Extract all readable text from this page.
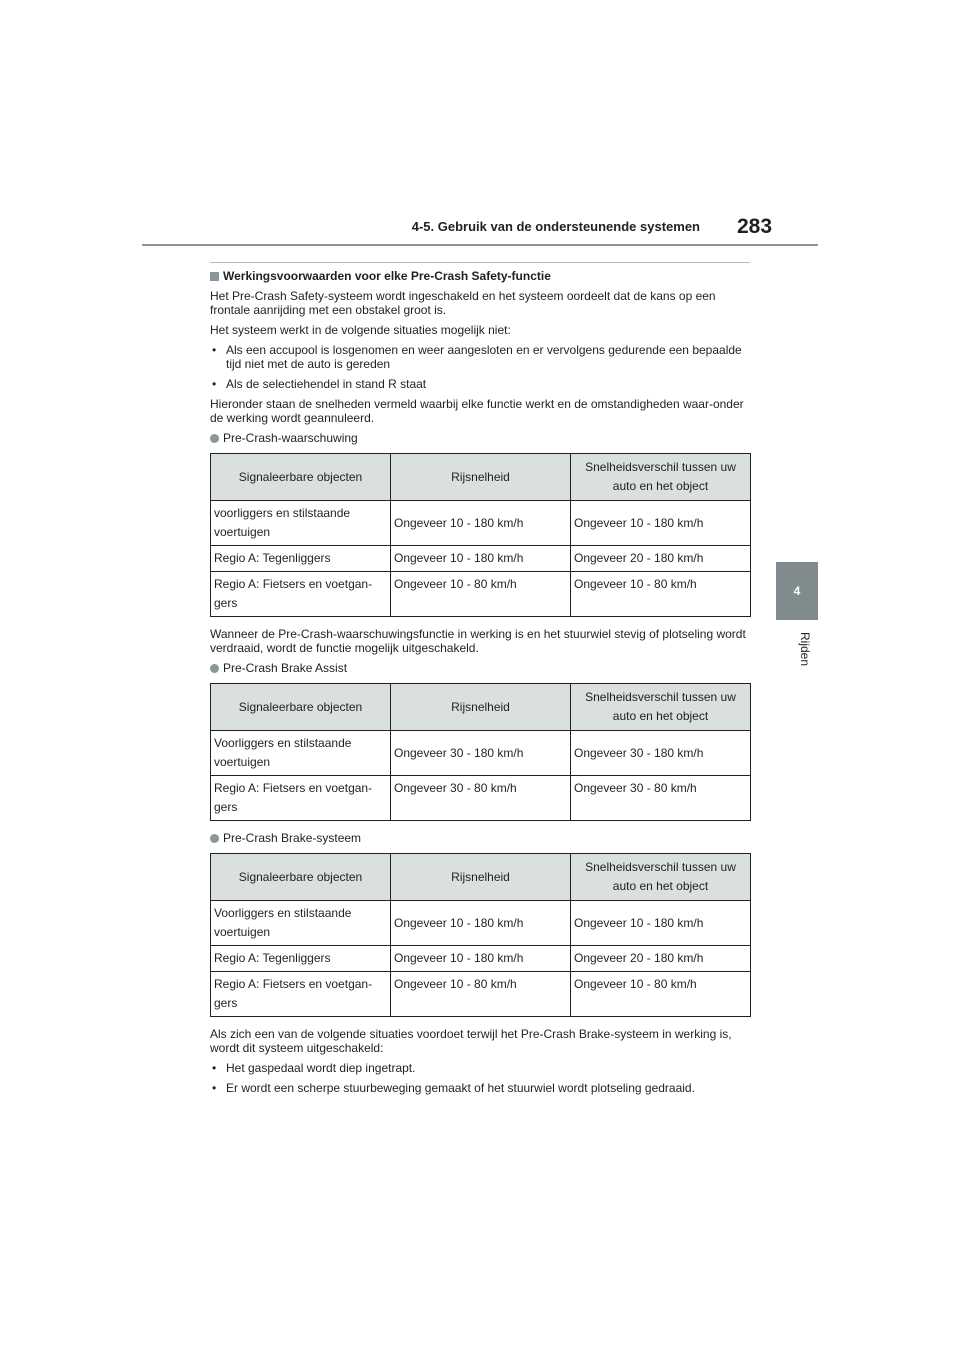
4-5. Gebruik van de ondersteunende systemen 283
4
Rijden
Werkingsvoorwaarden voor elke Pre-Crash Safety-functie

Het Pre-Crash Safety-systeem wordt ingeschakeld en het systeem oordeelt dat de kans op een frontale aanrijding met een obstakel groot is.

Het systeem werkt in de volgende situaties mogelijk niet:

• Als een accupool is losgenomen en weer aangesloten en er vervolgens gedurende een bepaalde tijd niet met de auto is gereden
• Als de selectiehendel in stand R staat

Hieronder staan de snelheden vermeld waarbij elke functie werkt en de omstandigheden waar-onder de werking wordt geannuleerd.

Pre-Crash-waarschuwing
Signaleerbare objecten	Rijsnelheid	Snelheidsverschil tussen uw auto en het object
voorliggers en stilstaande voertuigen	Ongeveer 10 - 180 km/h	Ongeveer 10 - 180 km/h
Regio A: Tegenliggers	Ongeveer 10 - 180 km/h	Ongeveer 20 - 180 km/h
Regio A: Fietsers en voetgan-gers	Ongeveer 10 - 80 km/h	Ongeveer 10 - 80 km/h

Wanneer de Pre-Crash-waarschuwingsfunctie in werking is en het stuurwiel stevig of plotseling wordt verdraaid, wordt de functie mogelijk uitgeschakeld.

Pre-Crash Brake Assist
Signaleerbare objecten	Rijsnelheid	Snelheidsverschil tussen uw auto en het object
Voorliggers en stilstaande voertuigen	Ongeveer 30 - 180 km/h	Ongeveer 30 - 180 km/h
Regio A: Fietsers en voetgan-gers	Ongeveer 30 - 80 km/h	Ongeveer 30 - 80 km/h
Pre-Crash Brake-systeem
Signaleerbare objecten	Rijsnelheid	Snelheidsverschil tussen uw auto en het object
Voorliggers en stilstaande voertuigen	Ongeveer 10 - 180 km/h	Ongeveer 10 - 180 km/h
Regio A: Tegenliggers	Ongeveer 10 - 180 km/h	Ongeveer 20 - 180 km/h
Regio A: Fietsers en voetgan-gers	Ongeveer 10 - 80 km/h	Ongeveer 10 - 80 km/h

Als zich een van de volgende situaties voordoet terwijl het Pre-Crash Brake-systeem in werking is, wordt dit systeem uitgeschakeld:

• Het gaspedaal wordt diep ingetrapt.
• Er wordt een scherpe stuurbeweging gemaakt of het stuurwiel wordt plotseling gedraaid.
